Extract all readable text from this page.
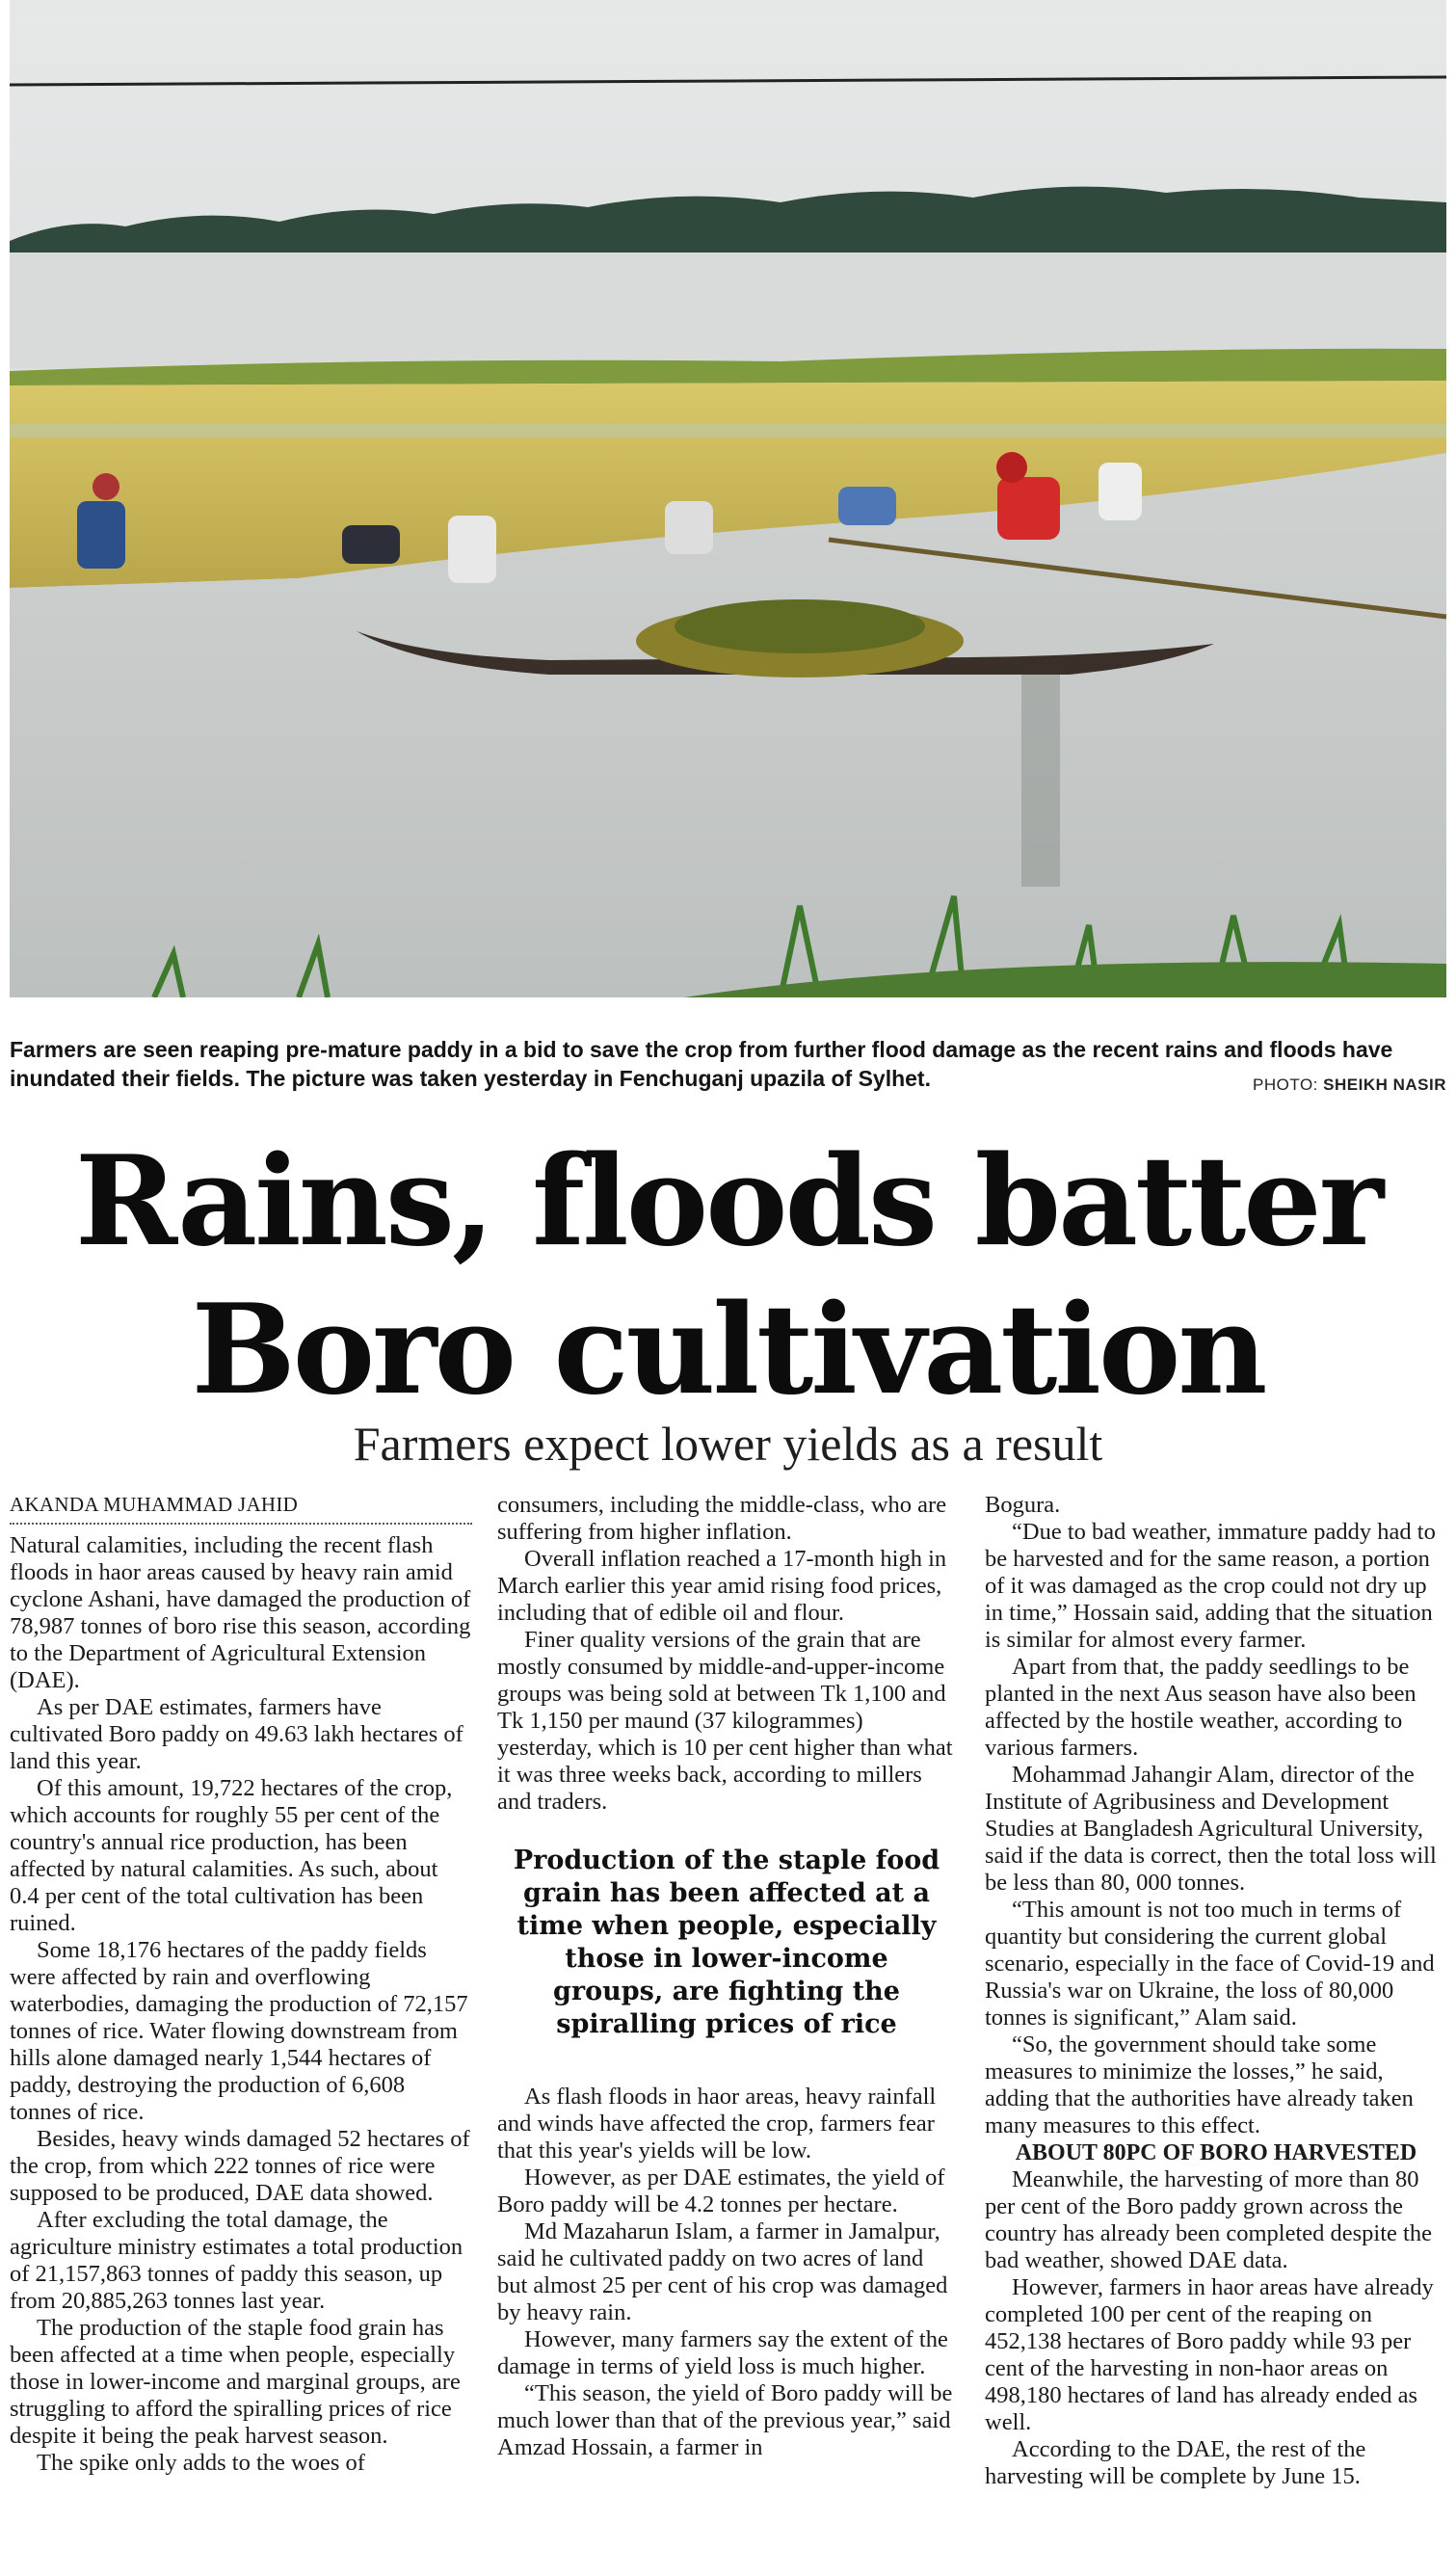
Farmers are seen reaping pre-mature paddy in a bid to save the crop from further flood damage as the recent rains and floods have inundated their fields. The picture was taken yesterday in Fenchuganj upazila of Sylhet.	PHOTO: SHEIKH NASIR
Rains, floods batter
Boro cultivation
Farmers expect lower yields as a result
AKANDA MUHAMMAD JAHID

Natural calamities, including the recent flash floods in haor areas caused by heavy rain amid cyclone Ashani, have damaged the production of 78,987 tonnes of boro rise this season, according to the Department of Agricultural Extension (DAE).

As per DAE estimates, farmers have cultivated Boro paddy on 49.63 lakh hectares of land this year.

Of this amount, 19,722 hectares of the crop, which accounts for roughly 55 per cent of the country's annual rice production, has been affected by natural calamities. As such, about 0.4 per cent of the total cultivation has been ruined.

Some 18,176 hectares of the paddy fields were affected by rain and overflowing waterbodies, damaging the production of 72,157 tonnes of rice. Water flowing downstream from hills alone damaged nearly 1,544 hectares of paddy, destroying the production of 6,608 tonnes of rice.

Besides, heavy winds damaged 52 hectares of the crop, from which 222 tonnes of rice were supposed to be produced, DAE data showed.

After excluding the total damage, the agriculture ministry estimates a total production of 21,157,863 tonnes of paddy this season, up from 20,885,263 tonnes last year.

The production of the staple food grain has been affected at a time when people, especially those in lower-income and marginal groups, are struggling to afford the spiralling prices of rice despite it being the peak harvest season.

The spike only adds to the woes of

consumers, including the middle-class, who are suffering from higher inflation.

Overall inflation reached a 17-month high in March earlier this year amid rising food prices, including that of edible oil and flour.

Finer quality versions of the grain that are mostly consumed by middle-and-upper-income groups was being sold at between Tk 1,100 and Tk 1,150 per maund (37 kilogrammes) yesterday, which is 10 per cent higher than what it was three weeks back, according to millers and traders.

Production of the staple food grain has been affected at a time when people, especially those in lower-income groups, are fighting the spiralling prices of rice

As flash floods in haor areas, heavy rainfall and winds have affected the crop, farmers fear that this year's yields will be low.

However, as per DAE estimates, the yield of Boro paddy will be 4.2 tonnes per hectare.

Md Mazaharun Islam, a farmer in Jamalpur, said he cultivated paddy on two acres of land but almost 25 per cent of his crop was damaged by heavy rain.

However, many farmers say the extent of the damage in terms of yield loss is much higher.

“This season, the yield of Boro paddy will be much lower than that of the previous year,” said Amzad Hossain, a farmer in

Bogura.

“Due to bad weather, immature paddy had to be harvested and for the same reason, a portion of it was damaged as the crop could not dry up in time,” Hossain said, adding that the situation is similar for almost every farmer.

Apart from that, the paddy seedlings to be planted in the next Aus season have also been affected by the hostile weather, according to various farmers.

Mohammad Jahangir Alam, director of the Institute of Agribusiness and Development Studies at Bangladesh Agricultural University, said if the data is correct, then the total loss will be less than 80, 000 tonnes.

“This amount is not too much in terms of quantity but considering the current global scenario, especially in the face of Covid-19 and Russia's war on Ukraine, the loss of 80,000 tonnes is significant,” Alam said.

“So, the government should take some measures to minimize the losses,” he said, adding that the authorities have already taken many measures to this effect.

ABOUT 80PC OF BORO HARVESTED

Meanwhile, the harvesting of more than 80 per cent of the Boro paddy grown across the country has already been completed despite the bad weather, showed DAE data.

However, farmers in haor areas have already completed 100 per cent of the reaping on 452,138 hectares of Boro paddy while 93 per cent of the harvesting in non-haor areas on 498,180 hectares of land has already ended as well.

According to the DAE, the rest of the harvesting will be complete by June 15.
